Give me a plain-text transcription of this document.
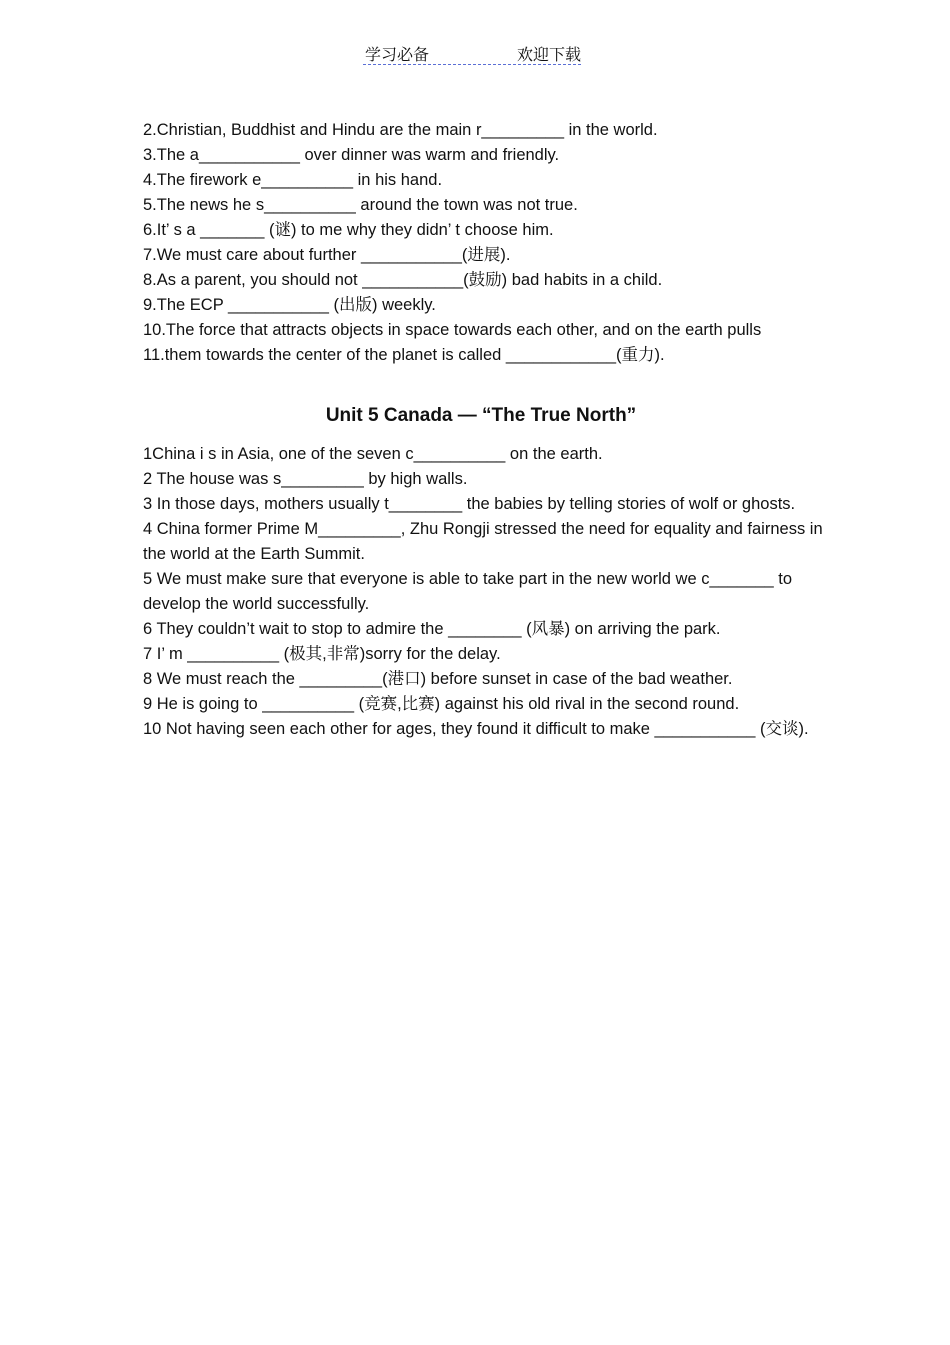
学习必备	欢迎下载
2.Christian, Buddhist and Hindu are the main r_________ in the world.
3.The a___________ over dinner was warm and friendly.
4.The firework e__________ in his hand.
5.The news he s__________ around the town was not true.
6.It’ s a _______ (谜) to me why they didn’ t choose him.
7.We must care about further ___________(进展).
8.As a parent, you should not ___________(鼓励) bad habits in a child.
9.The ECP ___________ (出版) weekly.
10.The force that attracts objects in space towards each other, and on the earth pulls
11.them towards the center of the planet is called ____________(重力).
Unit 5 Canada — “The True North”
1China i s in Asia, one of the seven c__________ on the earth.
2 The house was s_________ by high walls.
3 In those days, mothers usually t________ the babies by telling stories of wolf or ghosts.
4 China former Prime M_________, Zhu Rongji stressed the need for equality and fairness in the world at the Earth Summit.
5 We must make sure that everyone is able to take part in the new world we c_______ to develop the world successfully.
6 They couldn’t wait to stop to admire the ________ (风暴) on arriving the park.
7 I’ m __________ (极其,非常)sorry for the delay.
8 We must reach the _________(港口) before sunset in case of the bad weather.
9 He is going to __________ (竞赛,比赛) against his old rival in the second round.
10 Not having seen each other for ages, they found it difficult to make ___________ (交谈).
